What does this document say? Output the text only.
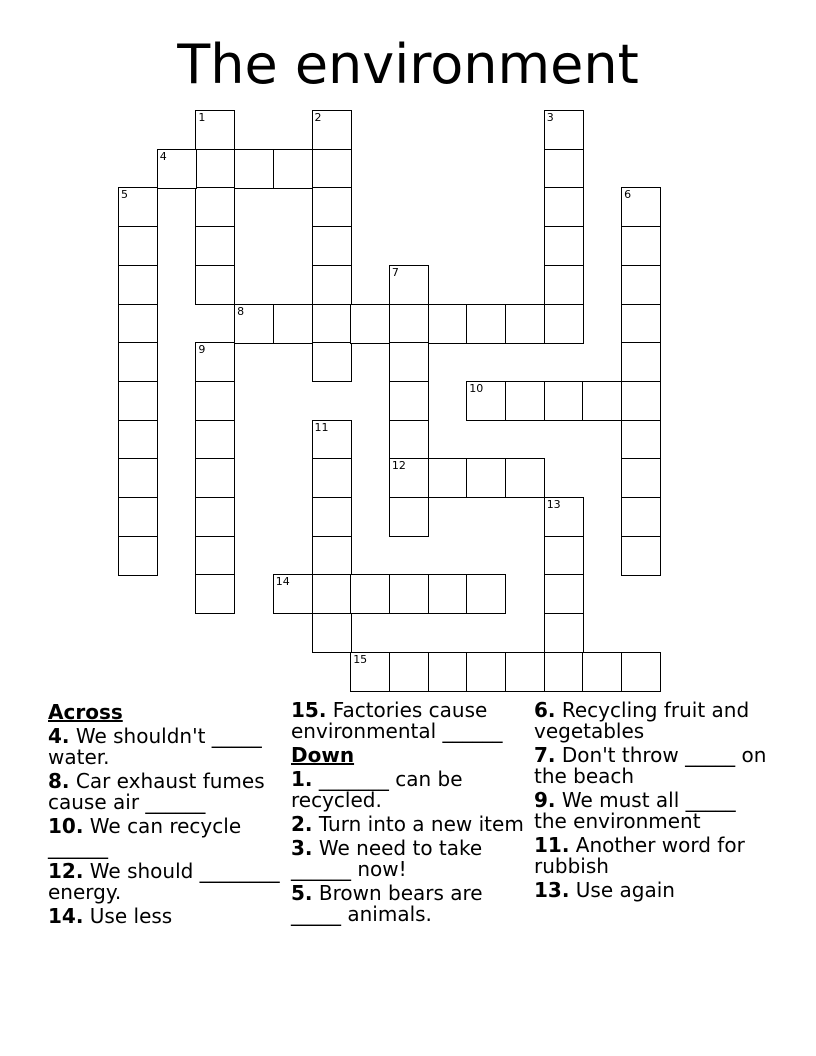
The environment
1	2	3
4
5	6
7
12
8
9
10
11
13
14
15
Across
4. We shouldn't _____ water.
8. Car exhaust fumes cause air ______
10. We can recycle ______
12. We should ________ energy.
14. Use less
15. Factories cause environmental ______
Down
1. _______ can be recycled.
2. Turn into a new item
3. We need to take ______ now!
5. Brown bears are _____ animals.
6. Recycling fruit and vegetables
7. Don't throw _____ on the beach
9. We must all _____ the environment
11. Another word for rubbish
13. Use again
